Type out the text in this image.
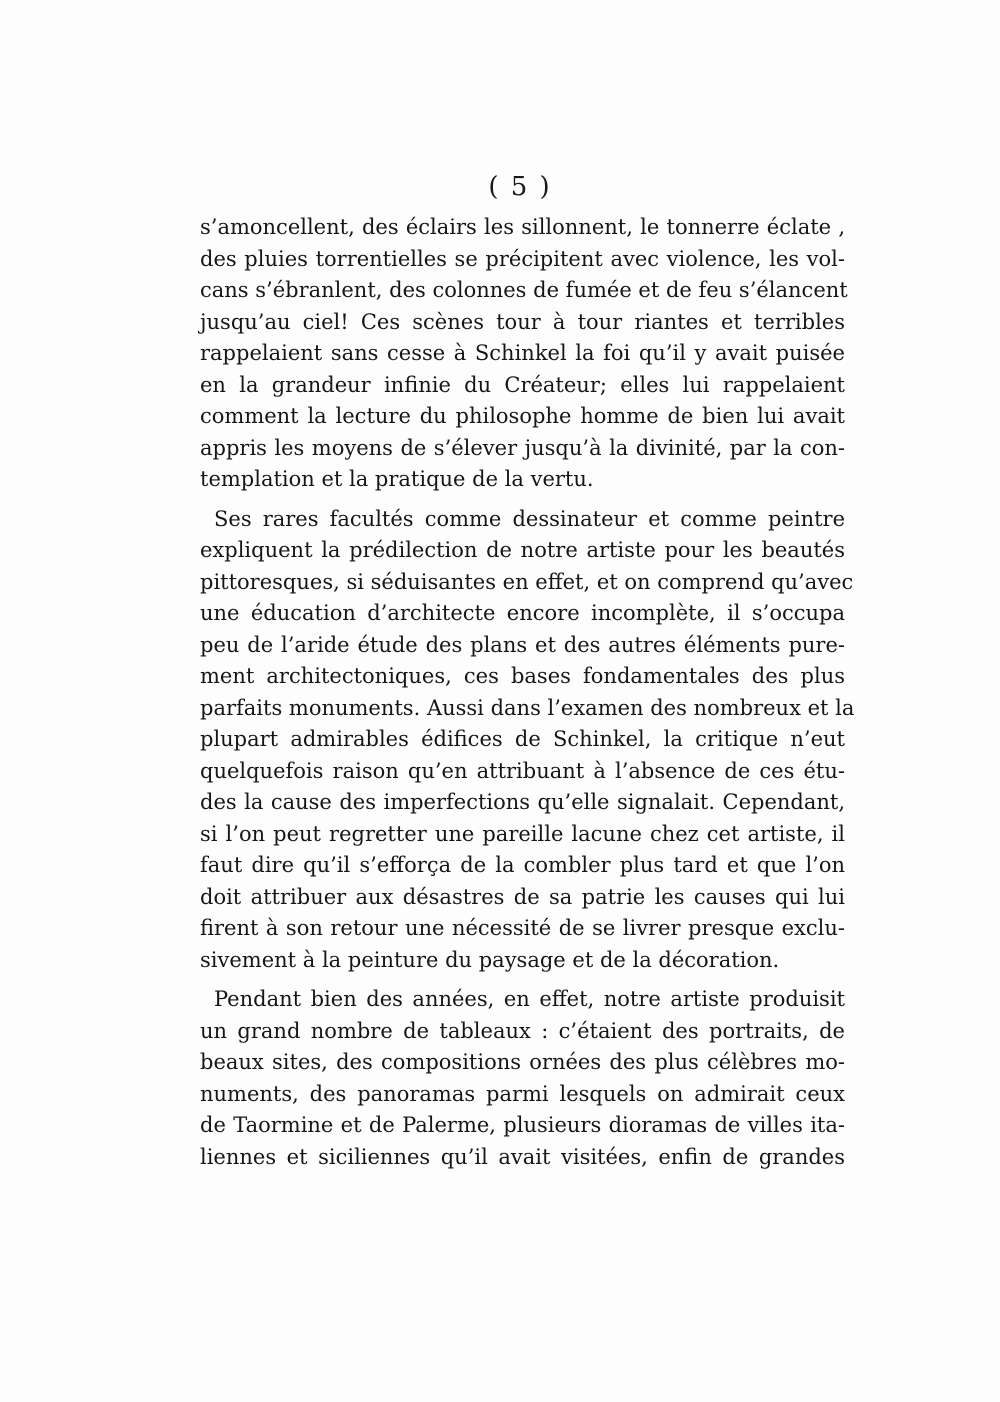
( 5 )
s’amoncellent, des éclairs les sillonnent, le tonnerre éclate ,
des pluies torrentielles se précipitent avec violence, les vol-
cans s’ébranlent, des colonnes de fumée et de feu s’élancent
jusqu’au ciel! Ces scènes tour à tour riantes et terribles
rappelaient sans cesse à Schinkel la foi qu’il y avait puisée
en la grandeur infinie du Créateur; elles lui rappelaient
comment la lecture du philosophe homme de bien lui avait
appris les moyens de s’élever jusqu’à la divinité, par la con-
templation et la pratique de la vertu.
Ses rares facultés comme dessinateur et comme peintre
expliquent la prédilection de notre artiste pour les beautés
pittoresques, si séduisantes en effet, et on comprend qu’avec
une éducation d’architecte encore incomplète, il s’occupa
peu de l’aride étude des plans et des autres éléments pure-
ment architectoniques, ces bases fondamentales des plus
parfaits monuments. Aussi dans l’examen des nombreux et la
plupart admirables édifices de Schinkel, la critique n’eut
quelquefois raison qu’en attribuant à l’absence de ces étu-
des la cause des imperfections qu’elle signalait. Cependant,
si l’on peut regretter une pareille lacune chez cet artiste, il
faut dire qu’il s’efforça de la combler plus tard et que l’on
doit attribuer aux désastres de sa patrie les causes qui lui
firent à son retour une nécessité de se livrer presque exclu-
sivement à la peinture du paysage et de la décoration.
Pendant bien des années, en effet, notre artiste produisit
un grand nombre de tableaux : c’étaient des portraits, de
beaux sites, des compositions ornées des plus célèbres mo-
numents, des panoramas parmi lesquels on admirait ceux
de Taormine et de Palerme, plusieurs dioramas de villes ita-
liennes et siciliennes qu’il avait visitées, enfin de grandes
